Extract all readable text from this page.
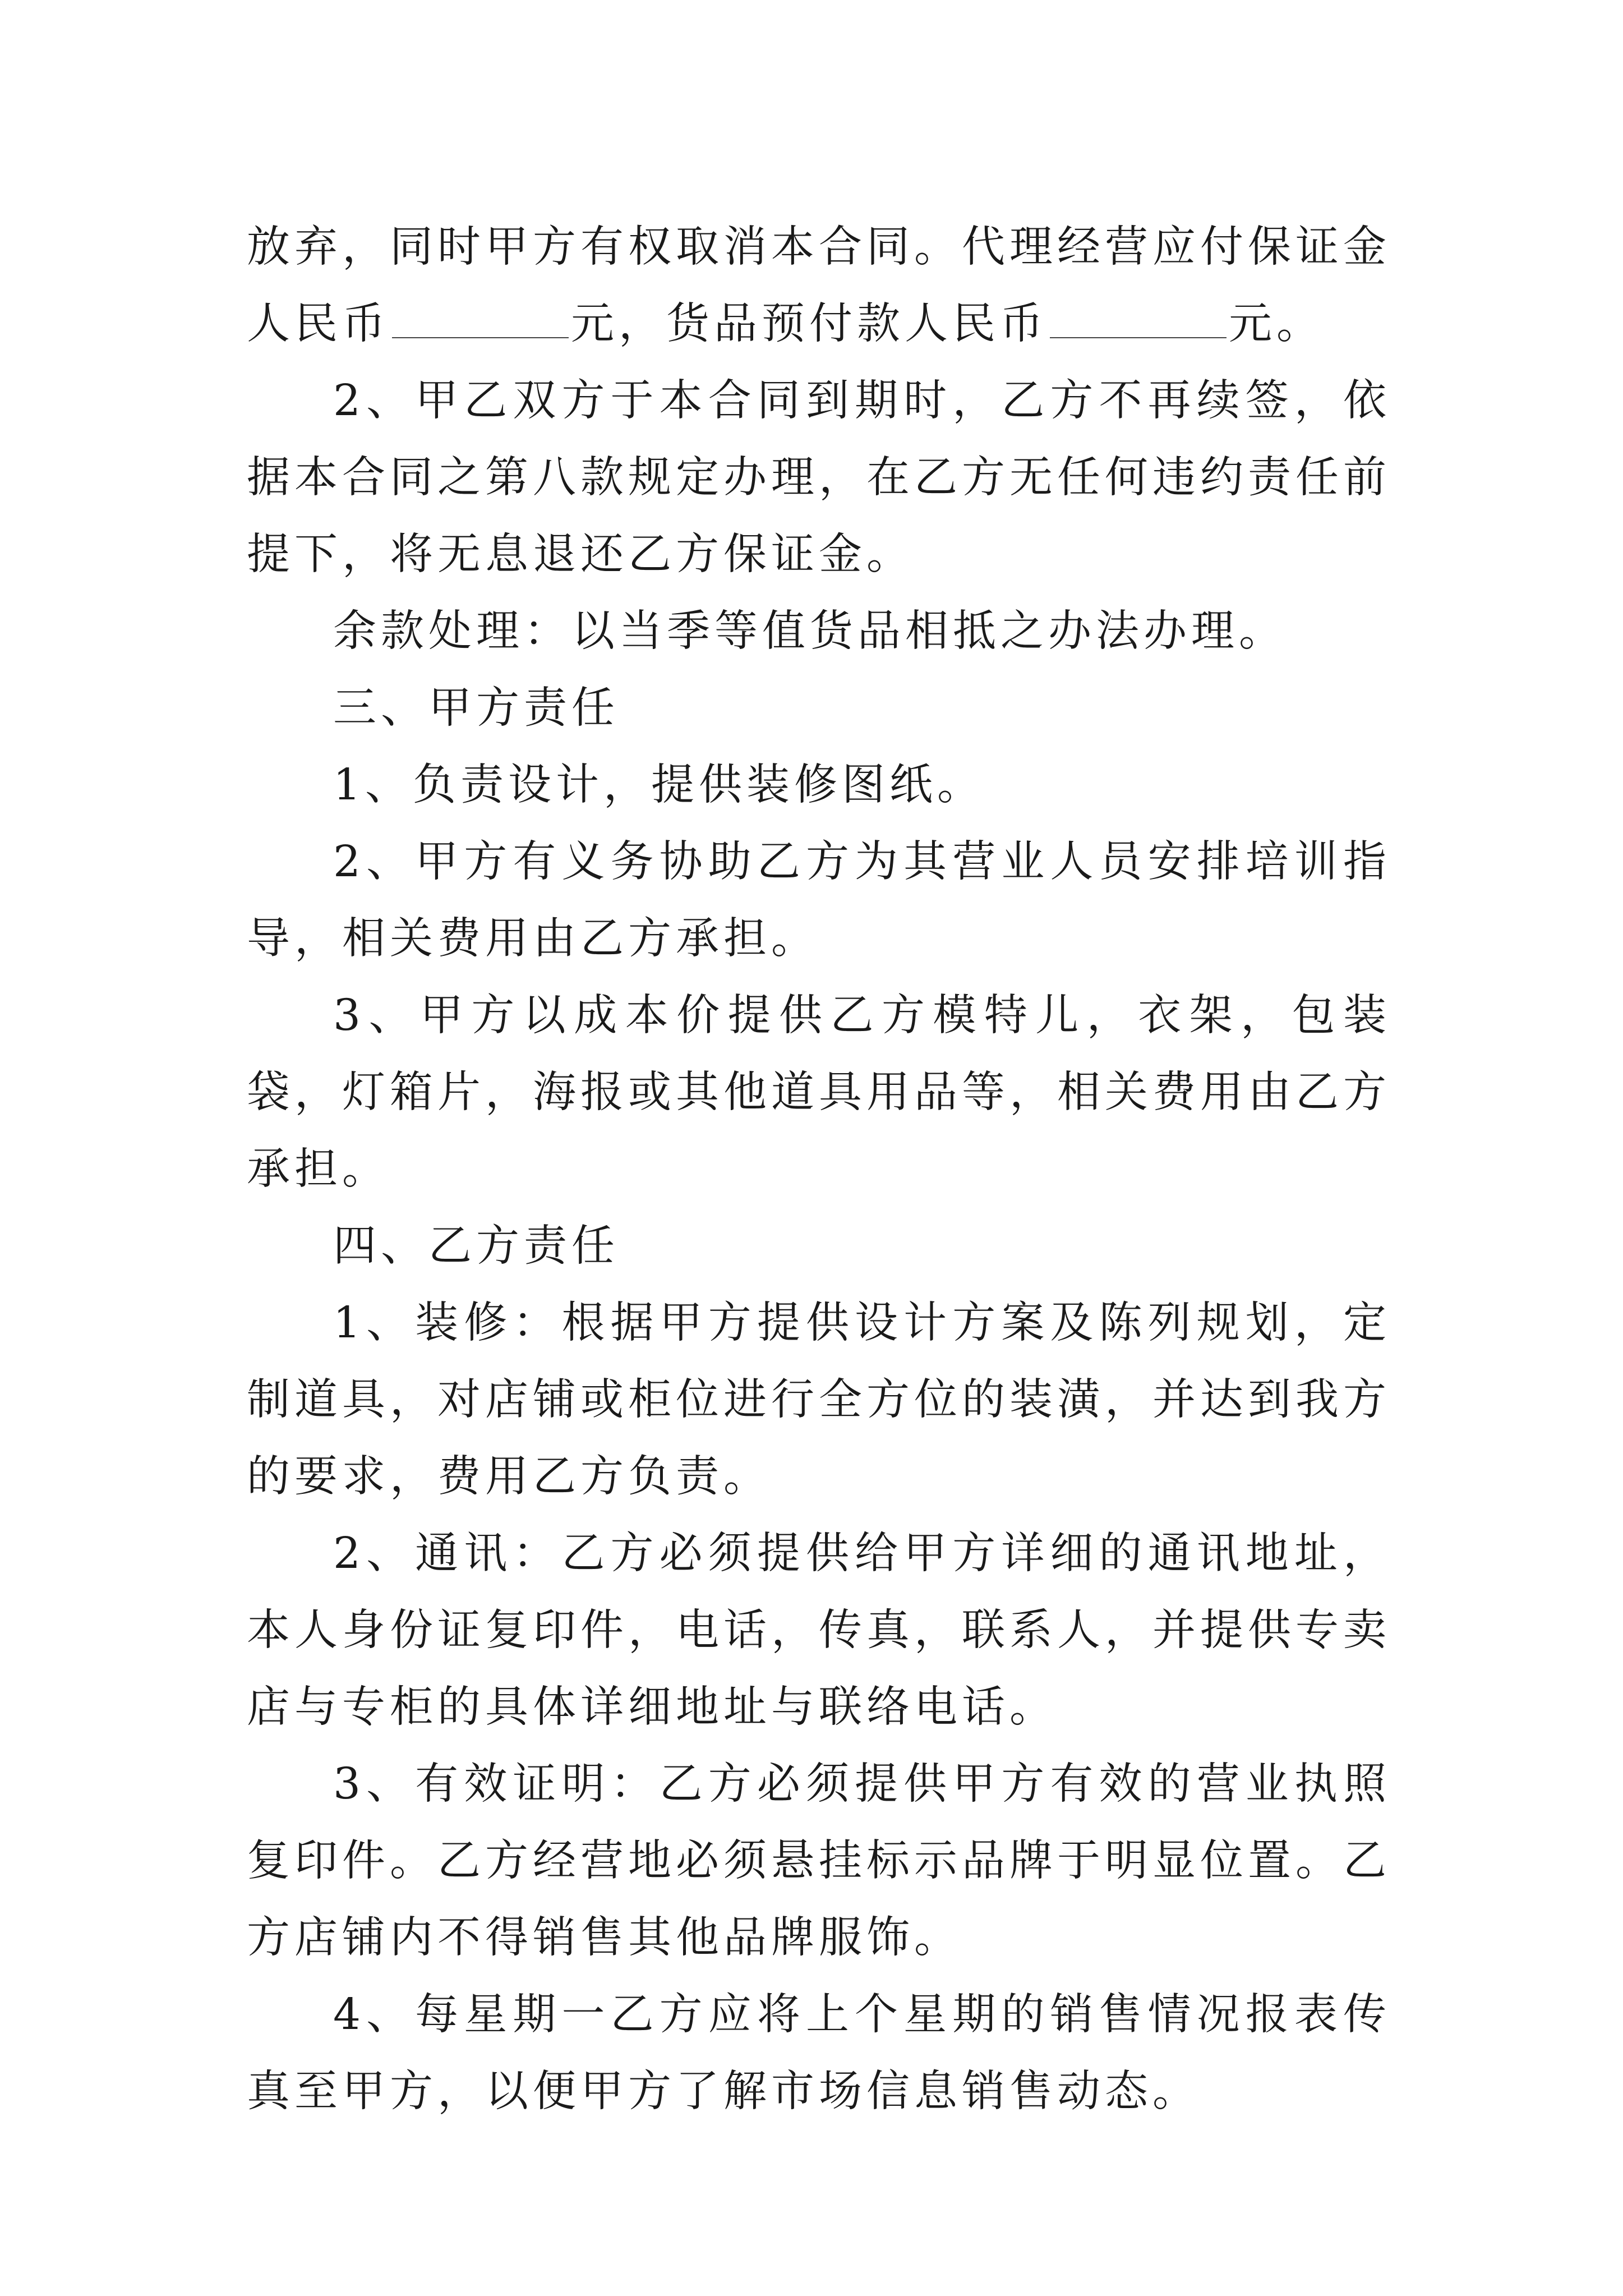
放弃，同时甲方有权取消本合同。代理经营应付保证金人民币	元，货品预付款人民币	元。

2、甲乙双方于本合同到期时，乙方不再续签，依据本合同之第八款规定办理，在乙方无任何违约责任前提下，将无息退还乙方保证金。

余款处理：以当季等值货品相抵之办法办理。

三、甲方责任

1、负责设计，提供装修图纸。

2、甲方有义务协助乙方为其营业人员安排培训指导，相关费用由乙方承担。

3、甲方以成本价提供乙方模特儿，衣架，包装袋，灯箱片，海报或其他道具用品等，相关费用由乙方承担。

四、乙方责任

1、装修：根据甲方提供设计方案及陈列规划，定制道具，对店铺或柜位进行全方位的装潢，并达到我方的要求，费用乙方负责。

2、通讯：乙方必须提供给甲方详细的通讯地址，本人身份证复印件，电话，传真，联系人，并提供专卖店与专柜的具体详细地址与联络电话。

3、有效证明：乙方必须提供甲方有效的营业执照复印件。乙方经营地必须悬挂标示品牌于明显位置。乙方店铺内不得销售其他品牌服饰。

4、每星期一乙方应将上个星期的销售情况报表传真至甲方，以便甲方了解市场信息销售动态。
